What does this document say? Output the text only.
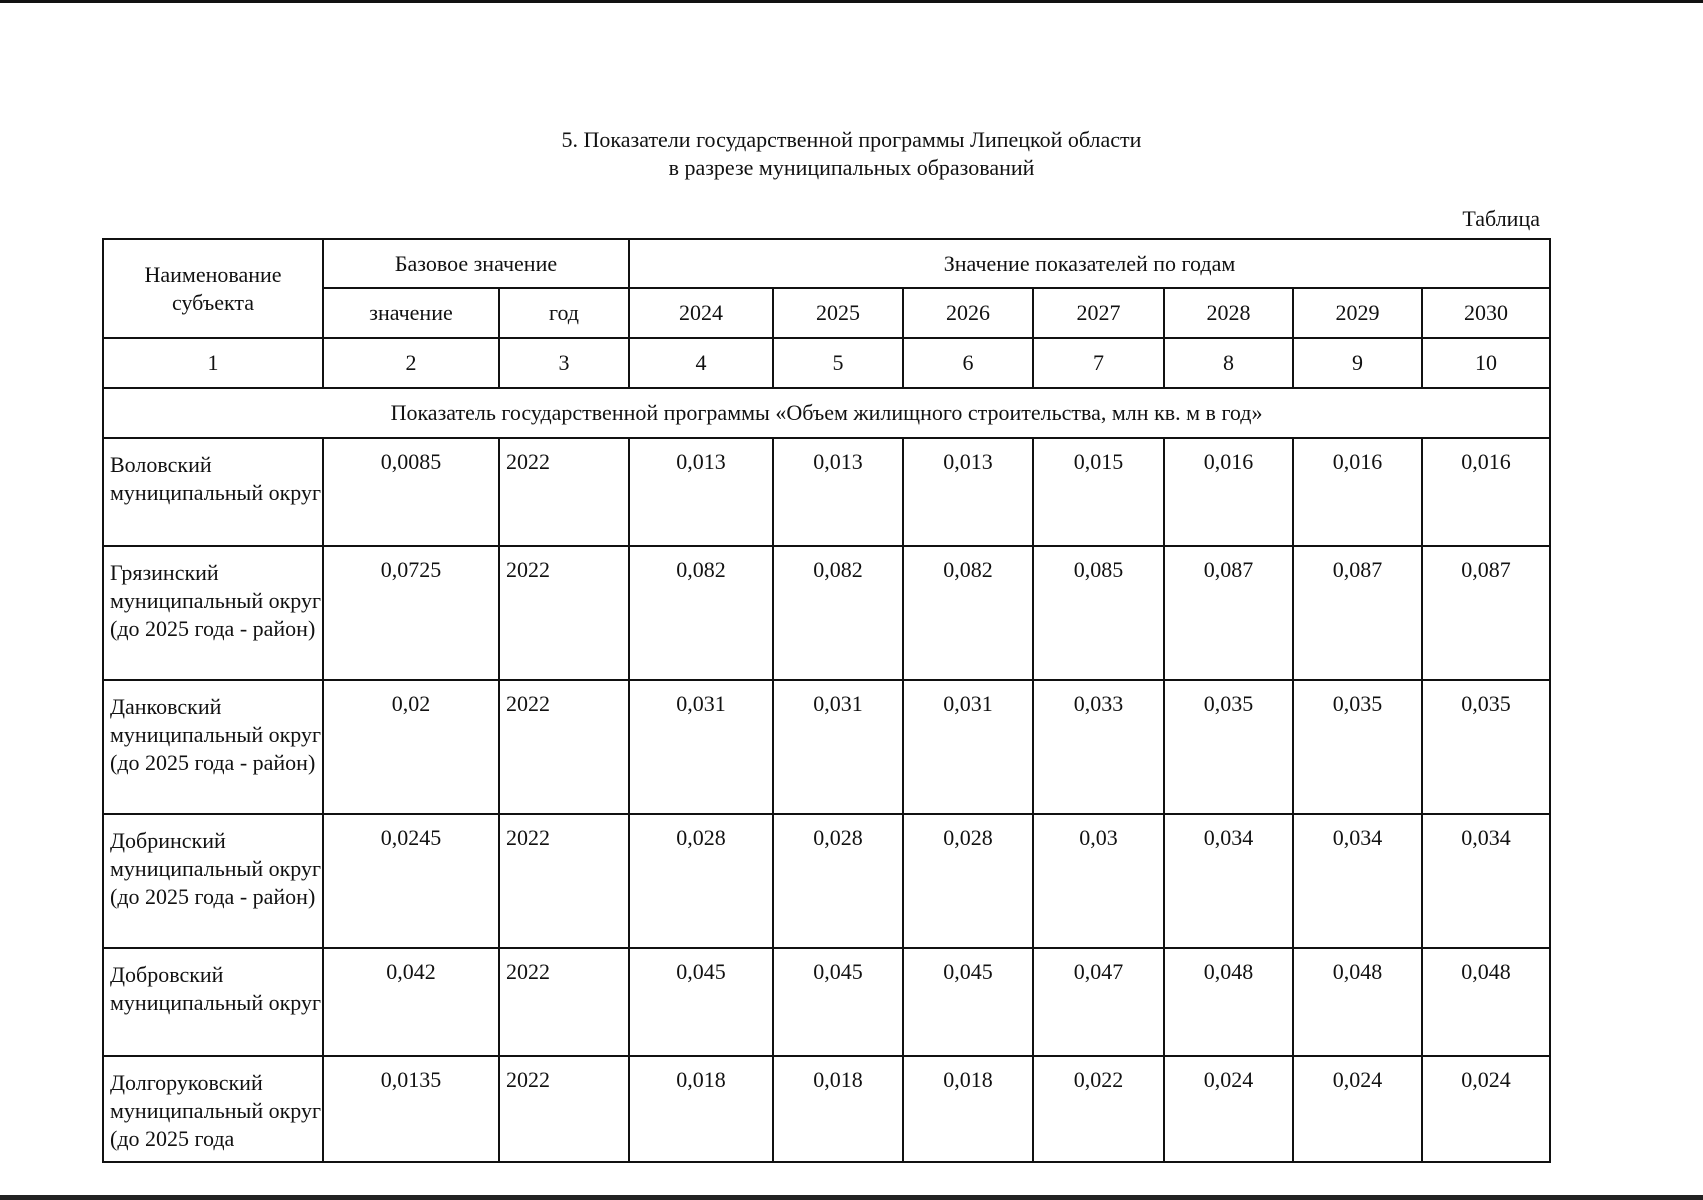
5. Показатели государственной программы Липецкой области
в разрезе муниципальных образований
Таблица
Наименование субъекта	Базовое значение		Значение показателей по годам						
	значение	год	2024	2025	2026	2027	2028	2029	2030
1	2	3	4	5	6	7	8	9	10
Показатель государственной программы «Объем жилищного строительства, млн кв. м в год»									
Воловский муниципальный округ	0,0085	2022	0,013	0,013	0,013	0,015	0,016	0,016	0,016
Грязинский муниципальный округ (до 2025 года - район)	0,0725	2022	0,082	0,082	0,082	0,085	0,087	0,087	0,087
Данковский муниципальный округ (до 2025 года - район)	0,02	2022	0,031	0,031	0,031	0,033	0,035	0,035	0,035
Добринский муниципальный округ (до 2025 года - район)	0,0245	2022	0,028	0,028	0,028	0,03	0,034	0,034	0,034
Добровский муниципальный округ	0,042	2022	0,045	0,045	0,045	0,047	0,048	0,048	0,048
Долгоруковский муниципальный округ (до 2025 года	0,0135	2022	0,018	0,018	0,018	0,022	0,024	0,024	0,024
